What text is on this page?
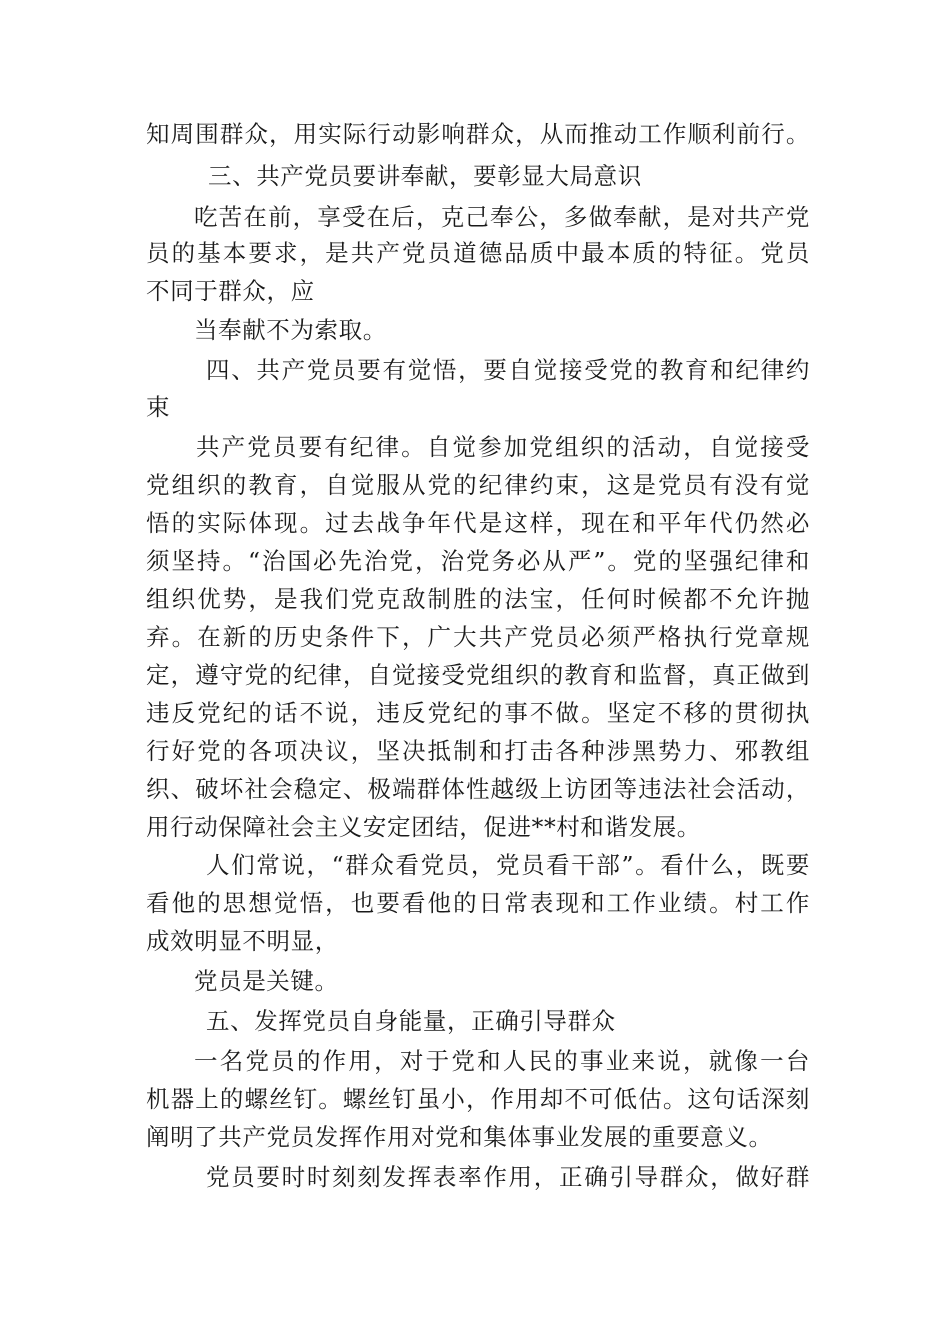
知周围群众，用实际行动影响群众，从而推动工作顺利前行。
三、共产党员要讲奉献，要彰显大局意识
吃苦在前，享受在后，克己奉公，多做奉献，是对共产党
员的基本要求，是共产党员道德品质中最本质的特征。党员
不同于群众，应
当奉献不为索取。
四、共产党员要有觉悟，要自觉接受党的教育和纪律约
束
共产党员要有纪律。自觉参加党组织的活动，自觉接受
党组织的教育，自觉服从党的纪律约束，这是党员有没有觉
悟的实际体现。过去战争年代是这样，现在和平年代仍然必
须坚持。“治国必先治党，治党务必从严”。党的坚强纪律和
组织优势，是我们党克敌制胜的法宝，任何时候都不允许抛
弃。在新的历史条件下，广大共产党员必须严格执行党章规
定，遵守党的纪律，自觉接受党组织的教育和监督，真正做到
违反党纪的话不说，违反党纪的事不做。坚定不移的贯彻执
行好党的各项决议，坚决抵制和打击各种涉黑势力、邪教组
织、破坏社会稳定、极端群体性越级上访团等违法社会活动，
用行动保障社会主义安定团结，促进**村和谐发展。
人们常说，“群众看党员，党员看干部”。看什么，既要
看他的思想觉悟，也要看他的日常表现和工作业绩。村工作
成效明显不明显，
党员是关键。
五、发挥党员自身能量，正确引导群众
一名党员的作用，对于党和人民的事业来说，就像一台
机器上的螺丝钉。螺丝钉虽小，作用却不可低估。这句话深刻
阐明了共产党员发挥作用对党和集体事业发展的重要意义。
党员要时时刻刻发挥表率作用，正确引导群众，做好群
